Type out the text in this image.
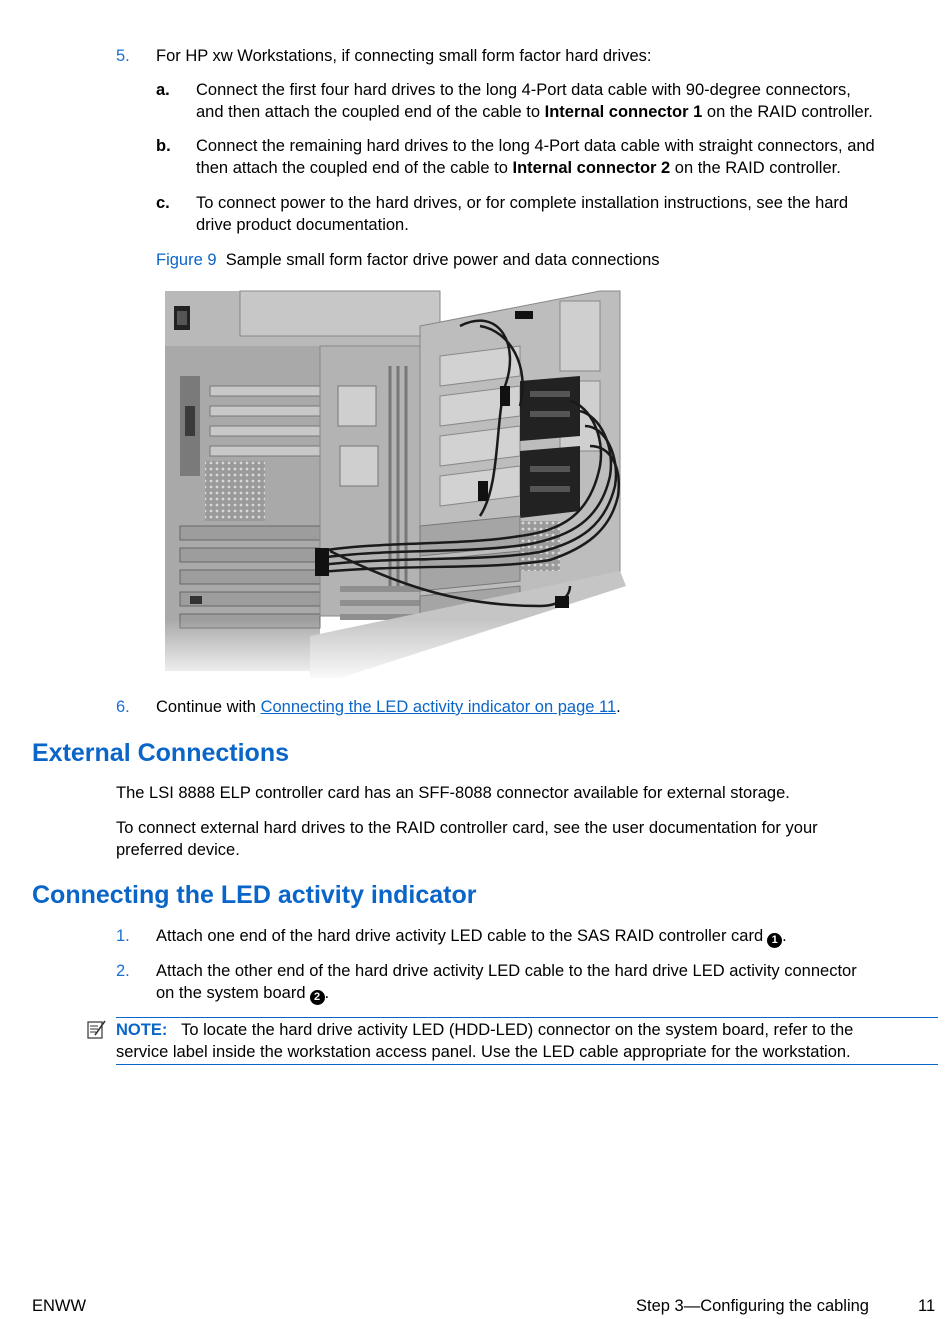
5. For HP xw Workstations, if connecting small form factor hard drives:
a. Connect the first four hard drives to the long 4-Port data cable with 90-degree connectors,
and then attach the coupled end of the cable to Internal connector 1 on the RAID controller.
b. Connect the remaining hard drives to the long 4-Port data cable with straight connectors, and
then attach the coupled end of the cable to Internal connector 2 on the RAID controller.
c. To connect power to the hard drives, or for complete installation instructions, see the hard
drive product documentation.
Figure 9 Sample small form factor drive power and data connections
6. Continue with Connecting the LED activity indicator on page 11.
External Connections
The LSI 8888 ELP controller card has an SFF-8088 connector available for external storage.
To connect external hard drives to the RAID controller card, see the user documentation for your
preferred device.
Connecting the LED activity indicator
1. Attach one end of the hard drive activity LED cable to the SAS RAID controller card 1 .
2. Attach the other end of the hard drive activity LED cable to the hard drive LED activity connector
on the system board 2 .
NOTE: To locate the hard drive activity LED (HDD-LED) connector on the system board, refer to the
service label inside the workstation access panel. Use the LED cable appropriate for the workstation.
ENWW	Step 3—Configuring the cabling	11
